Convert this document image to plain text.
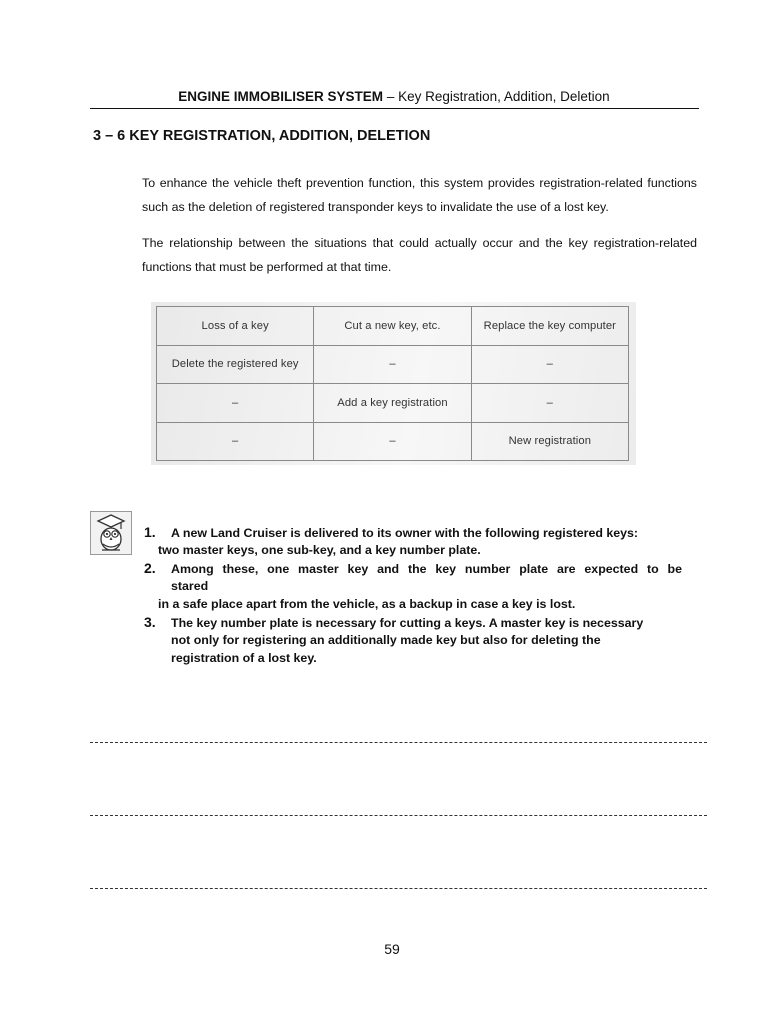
ENGINE IMMOBILISER SYSTEM – Key Registration, Addition, Deletion
3 – 6 KEY REGISTRATION, ADDITION, DELETION
To enhance the vehicle theft prevention function, this system provides registration-related functions such as the deletion of registered transponder keys to invalidate the use of a lost key.
The relationship between the situations that could actually occur and the key registration-related functions that must be performed at that time.
Loss of a key	Cut a new key, etc.	Replace the key computer
Delete the registered key	–	–
–	Add a key registration	–
–	–	New registration
1. A new Land Cruiser is delivered to its owner with the following registered keys:
two master keys, one sub-key, and a key number plate.
2. Among these, one master key and the key number plate are expected to be
stared
in a safe place apart from the vehicle, as a backup in case a key is lost.
3. The key number plate is necessary for cutting a keys. A master key is necessary
not only for registering an additionally made key but also for deleting the
registration of a lost key.
59
